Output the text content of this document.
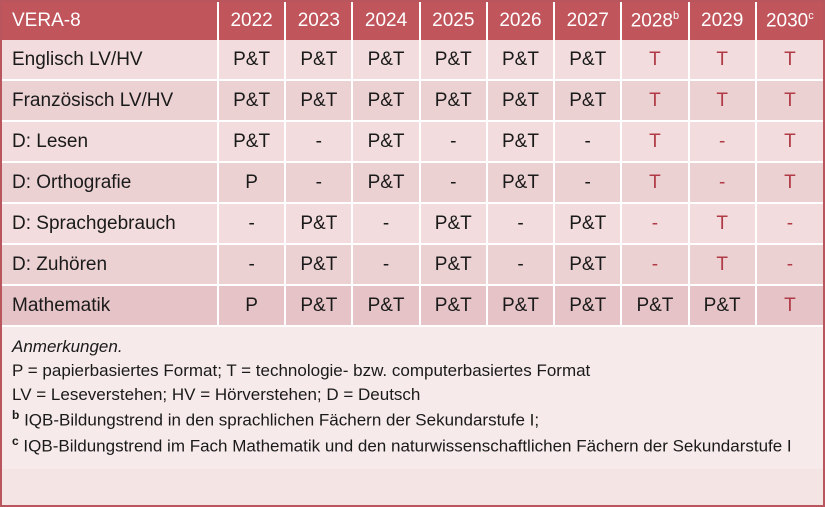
VERA-8	2022	2023	2024	2025	2026	2027	2028$^b$	2029	2030$^c$
Englisch LV/HV	P&T	P&T	P&T	P&T	P&T	P&T	T	T	T
Französisch LV/HV	P&T	P&T	P&T	P&T	P&T	P&T	T	T	T
D: Lesen	P&T	-	P&T	-	P&T	-	T	-	T
D: Orthografie	P	-	P&T	-	P&T	-	T	-	T
D: Sprachgebrauch	-	P&T	-	P&T	-	P&T	-	T	-
D: Zuhören	-	P&T	-	P&T	-	P&T	-	T	-
Mathematik	P	P&T	P&T	P&T	P&T	P&T	P&T	P&T	T

Anmerkungen.

P = papierbasiertes Format; T = technologie- bzw. computerbasiertes Format

LV = Leseverstehen; HV = Hörverstehen; D = Deutsch

$^b$ IQB-Bildungstrend in den sprachlichen Fächern der Sekundarstufe I;

$^c$ IQB-Bildungstrend im Fach Mathematik und den naturwissenschaftlichen Fächern der Sekundarstufe I
